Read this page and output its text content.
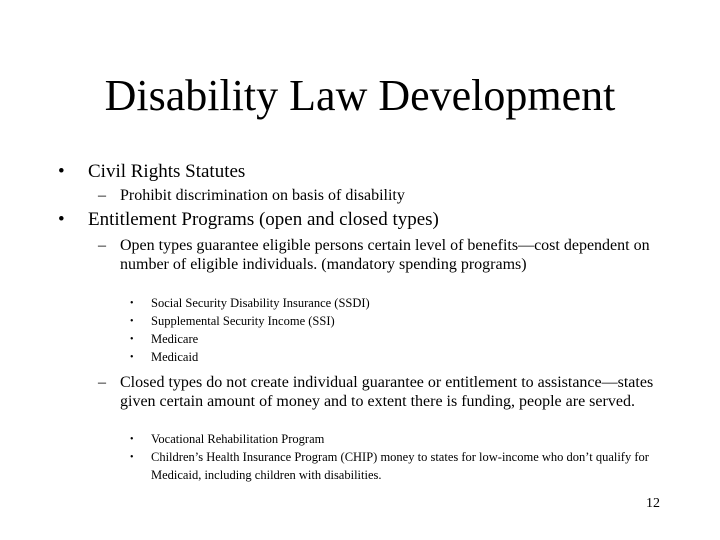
Disability Law Development
•	Civil Rights Statutes
– Prohibit discrimination on basis of disability
•	Entitlement Programs (open and closed types)
– Open types guarantee eligible persons certain level of benefits—cost dependent on number of eligible individuals. (mandatory spending programs)
•	Social Security Disability Insurance (SSDI)
•	Supplemental Security Income (SSI)
•	Medicare
•	Medicaid
– Closed types do not create individual guarantee or entitlement to assistance—states given certain amount of money and to extent there is funding, people are served.
•	Vocational Rehabilitation Program
•	Children’s Health Insurance Program (CHIP) money to states for low-income who don’t qualify for Medicaid, including children with disabilities.
12
